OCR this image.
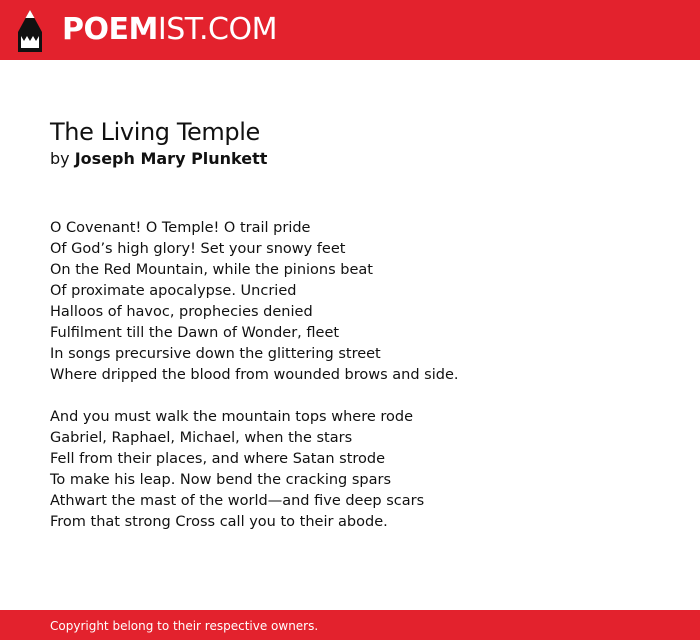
POEMIST.COM
The Living Temple
by Joseph Mary Plunkett
O Covenant! O Temple! O trail pride
Of God’s high glory! Set your snowy feet
On the Red Mountain, while the pinions beat
Of proximate apocalypse. Uncried
Halloos of havoc, prophecies denied
Fulfilment till the Dawn of Wonder, fleet
In songs precursive down the glittering street
Where dripped the blood from wounded brows and side.
And you must walk the mountain tops where rode
Gabriel, Raphael, Michael, when the stars
Fell from their places, and where Satan strode
To make his leap. Now bend the cracking spars
Athwart the mast of the world—and five deep scars
From that strong Cross call you to their abode.
Copyright belong to their respective owners.
